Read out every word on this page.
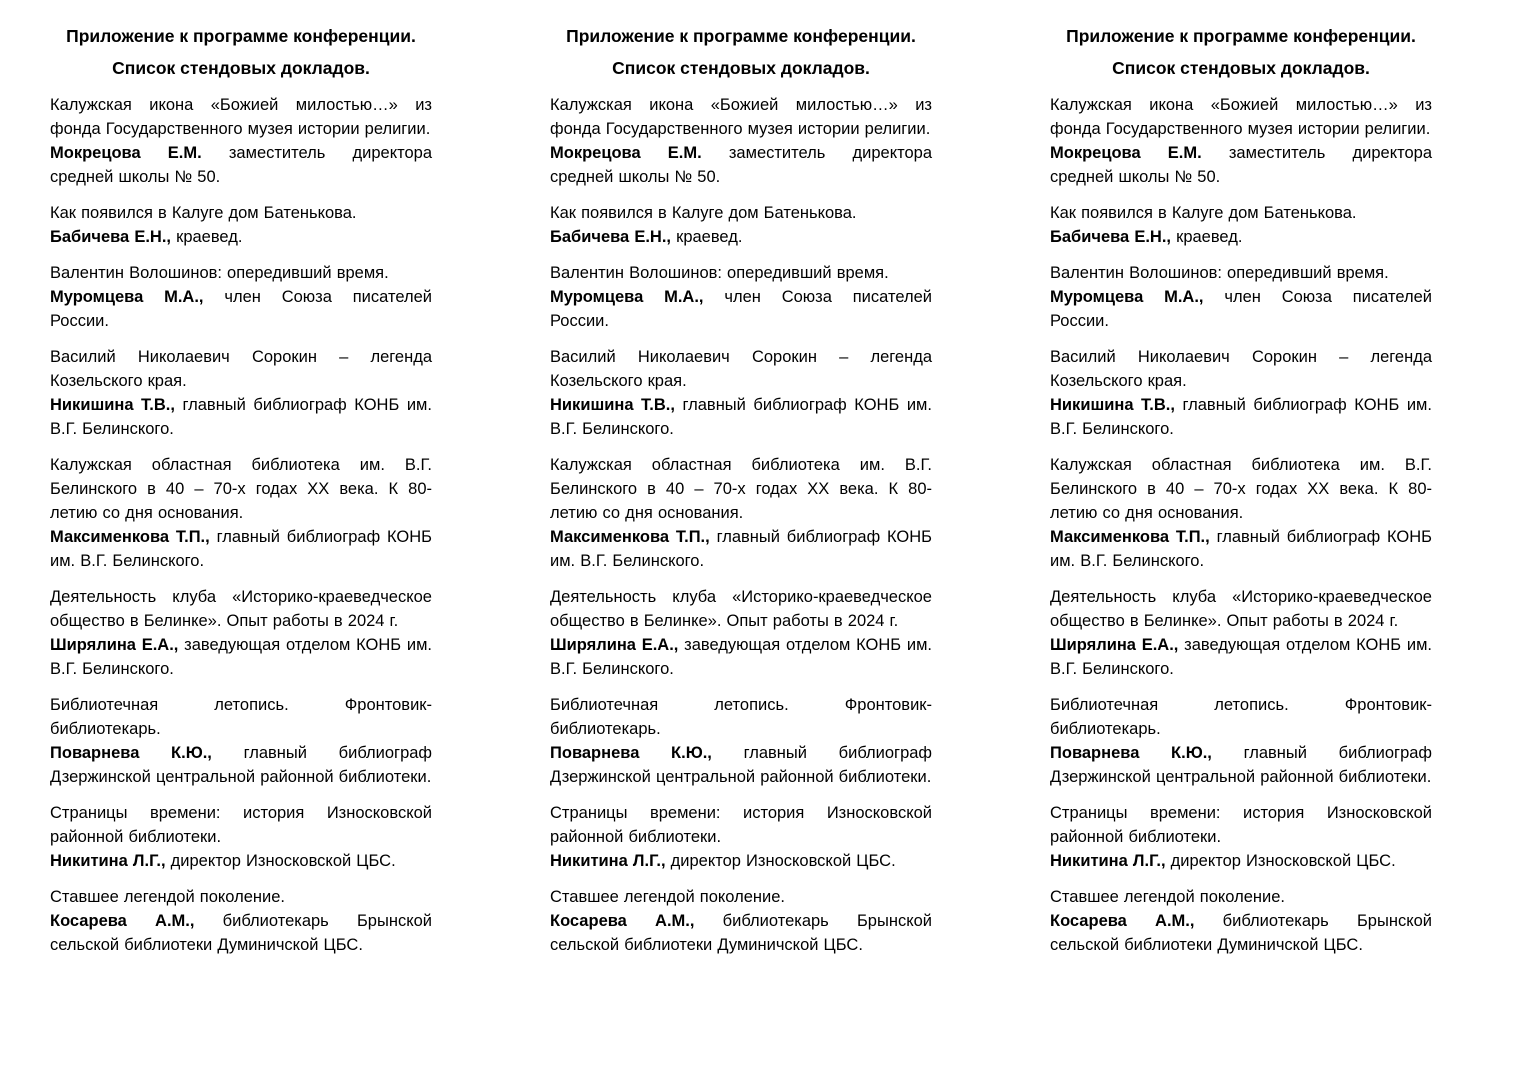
Приложение к программе конференции.
Список стендовых докладов.

Калужская икона «Божией милостью…» из фонда Государственного музея истории религии.

Мокрецова Е.М. заместитель директора средней школы № 50.

Как появился в Калуге дом Батенькова.

Бабичева Е.Н., краевед.

Валентин Волошинов: опередивший время.

Муромцева М.А., член Союза писателей России.

Василий Николаевич Сорокин – легенда Козельского края.

Никишина Т.В., главный библиограф КОНБ им. В.Г. Белинского.

Калужская областная библиотека им. В.Г. Белинского в 40 – 70-х годах XX века. К 80-летию со дня основания.

Максименкова Т.П., главный библиограф КОНБ им. В.Г. Белинского.

Деятельность клуба «Историко-краеведческое общество в Белинке». Опыт работы в 2024 г.

Ширялина Е.А., заведующая отделом КОНБ им. В.Г. Белинского.

Библиотечная летопись. Фронтовик-библиотекарь.

Поварнева К.Ю., главный библиограф Дзержинской центральной районной библиотеки.

Страницы времени: история Износковской районной библиотеки.

Никитина Л.Г., директор Износковской ЦБС.

Ставшее легендой поколение.

Косарева А.М., библиотекарь Брынской сельской библиотеки Думиничской ЦБС.

Приложение к программе конференции.
Список стендовых докладов.

Калужская икона «Божией милостью…» из фонда Государственного музея истории религии.

Мокрецова Е.М. заместитель директора средней школы № 50.

Как появился в Калуге дом Батенькова.

Бабичева Е.Н., краевед.

Валентин Волошинов: опередивший время.

Муромцева М.А., член Союза писателей России.

Василий Николаевич Сорокин – легенда Козельского края.

Никишина Т.В., главный библиограф КОНБ им. В.Г. Белинского.

Калужская областная библиотека им. В.Г. Белинского в 40 – 70-х годах XX века. К 80-летию со дня основания.

Максименкова Т.П., главный библиограф КОНБ им. В.Г. Белинского.

Деятельность клуба «Историко-краеведческое общество в Белинке». Опыт работы в 2024 г.

Ширялина Е.А., заведующая отделом КОНБ им. В.Г. Белинского.

Библиотечная летопись. Фронтовик-библиотекарь.

Поварнева К.Ю., главный библиограф Дзержинской центральной районной библиотеки.

Страницы времени: история Износковской районной библиотеки.

Никитина Л.Г., директор Износковской ЦБС.

Ставшее легендой поколение.

Косарева А.М., библиотекарь Брынской сельской библиотеки Думиничской ЦБС.

Приложение к программе конференции.
Список стендовых докладов.

Калужская икона «Божией милостью…» из фонда Государственного музея истории религии.

Мокрецова Е.М. заместитель директора средней школы № 50.

Как появился в Калуге дом Батенькова.

Бабичева Е.Н., краевед.

Валентин Волошинов: опередивший время.

Муромцева М.А., член Союза писателей России.

Василий Николаевич Сорокин – легенда Козельского края.

Никишина Т.В., главный библиограф КОНБ им. В.Г. Белинского.

Калужская областная библиотека им. В.Г. Белинского в 40 – 70-х годах XX века. К 80-летию со дня основания.

Максименкова Т.П., главный библиограф КОНБ им. В.Г. Белинского.

Деятельность клуба «Историко-краеведческое общество в Белинке». Опыт работы в 2024 г.

Ширялина Е.А., заведующая отделом КОНБ им. В.Г. Белинского.

Библиотечная летопись. Фронтовик-библиотекарь.

Поварнева К.Ю., главный библиограф Дзержинской центральной районной библиотеки.

Страницы времени: история Износковской районной библиотеки.

Никитина Л.Г., директор Износковской ЦБС.

Ставшее легендой поколение.

Косарева А.М., библиотекарь Брынской сельской библиотеки Думиничской ЦБС.
